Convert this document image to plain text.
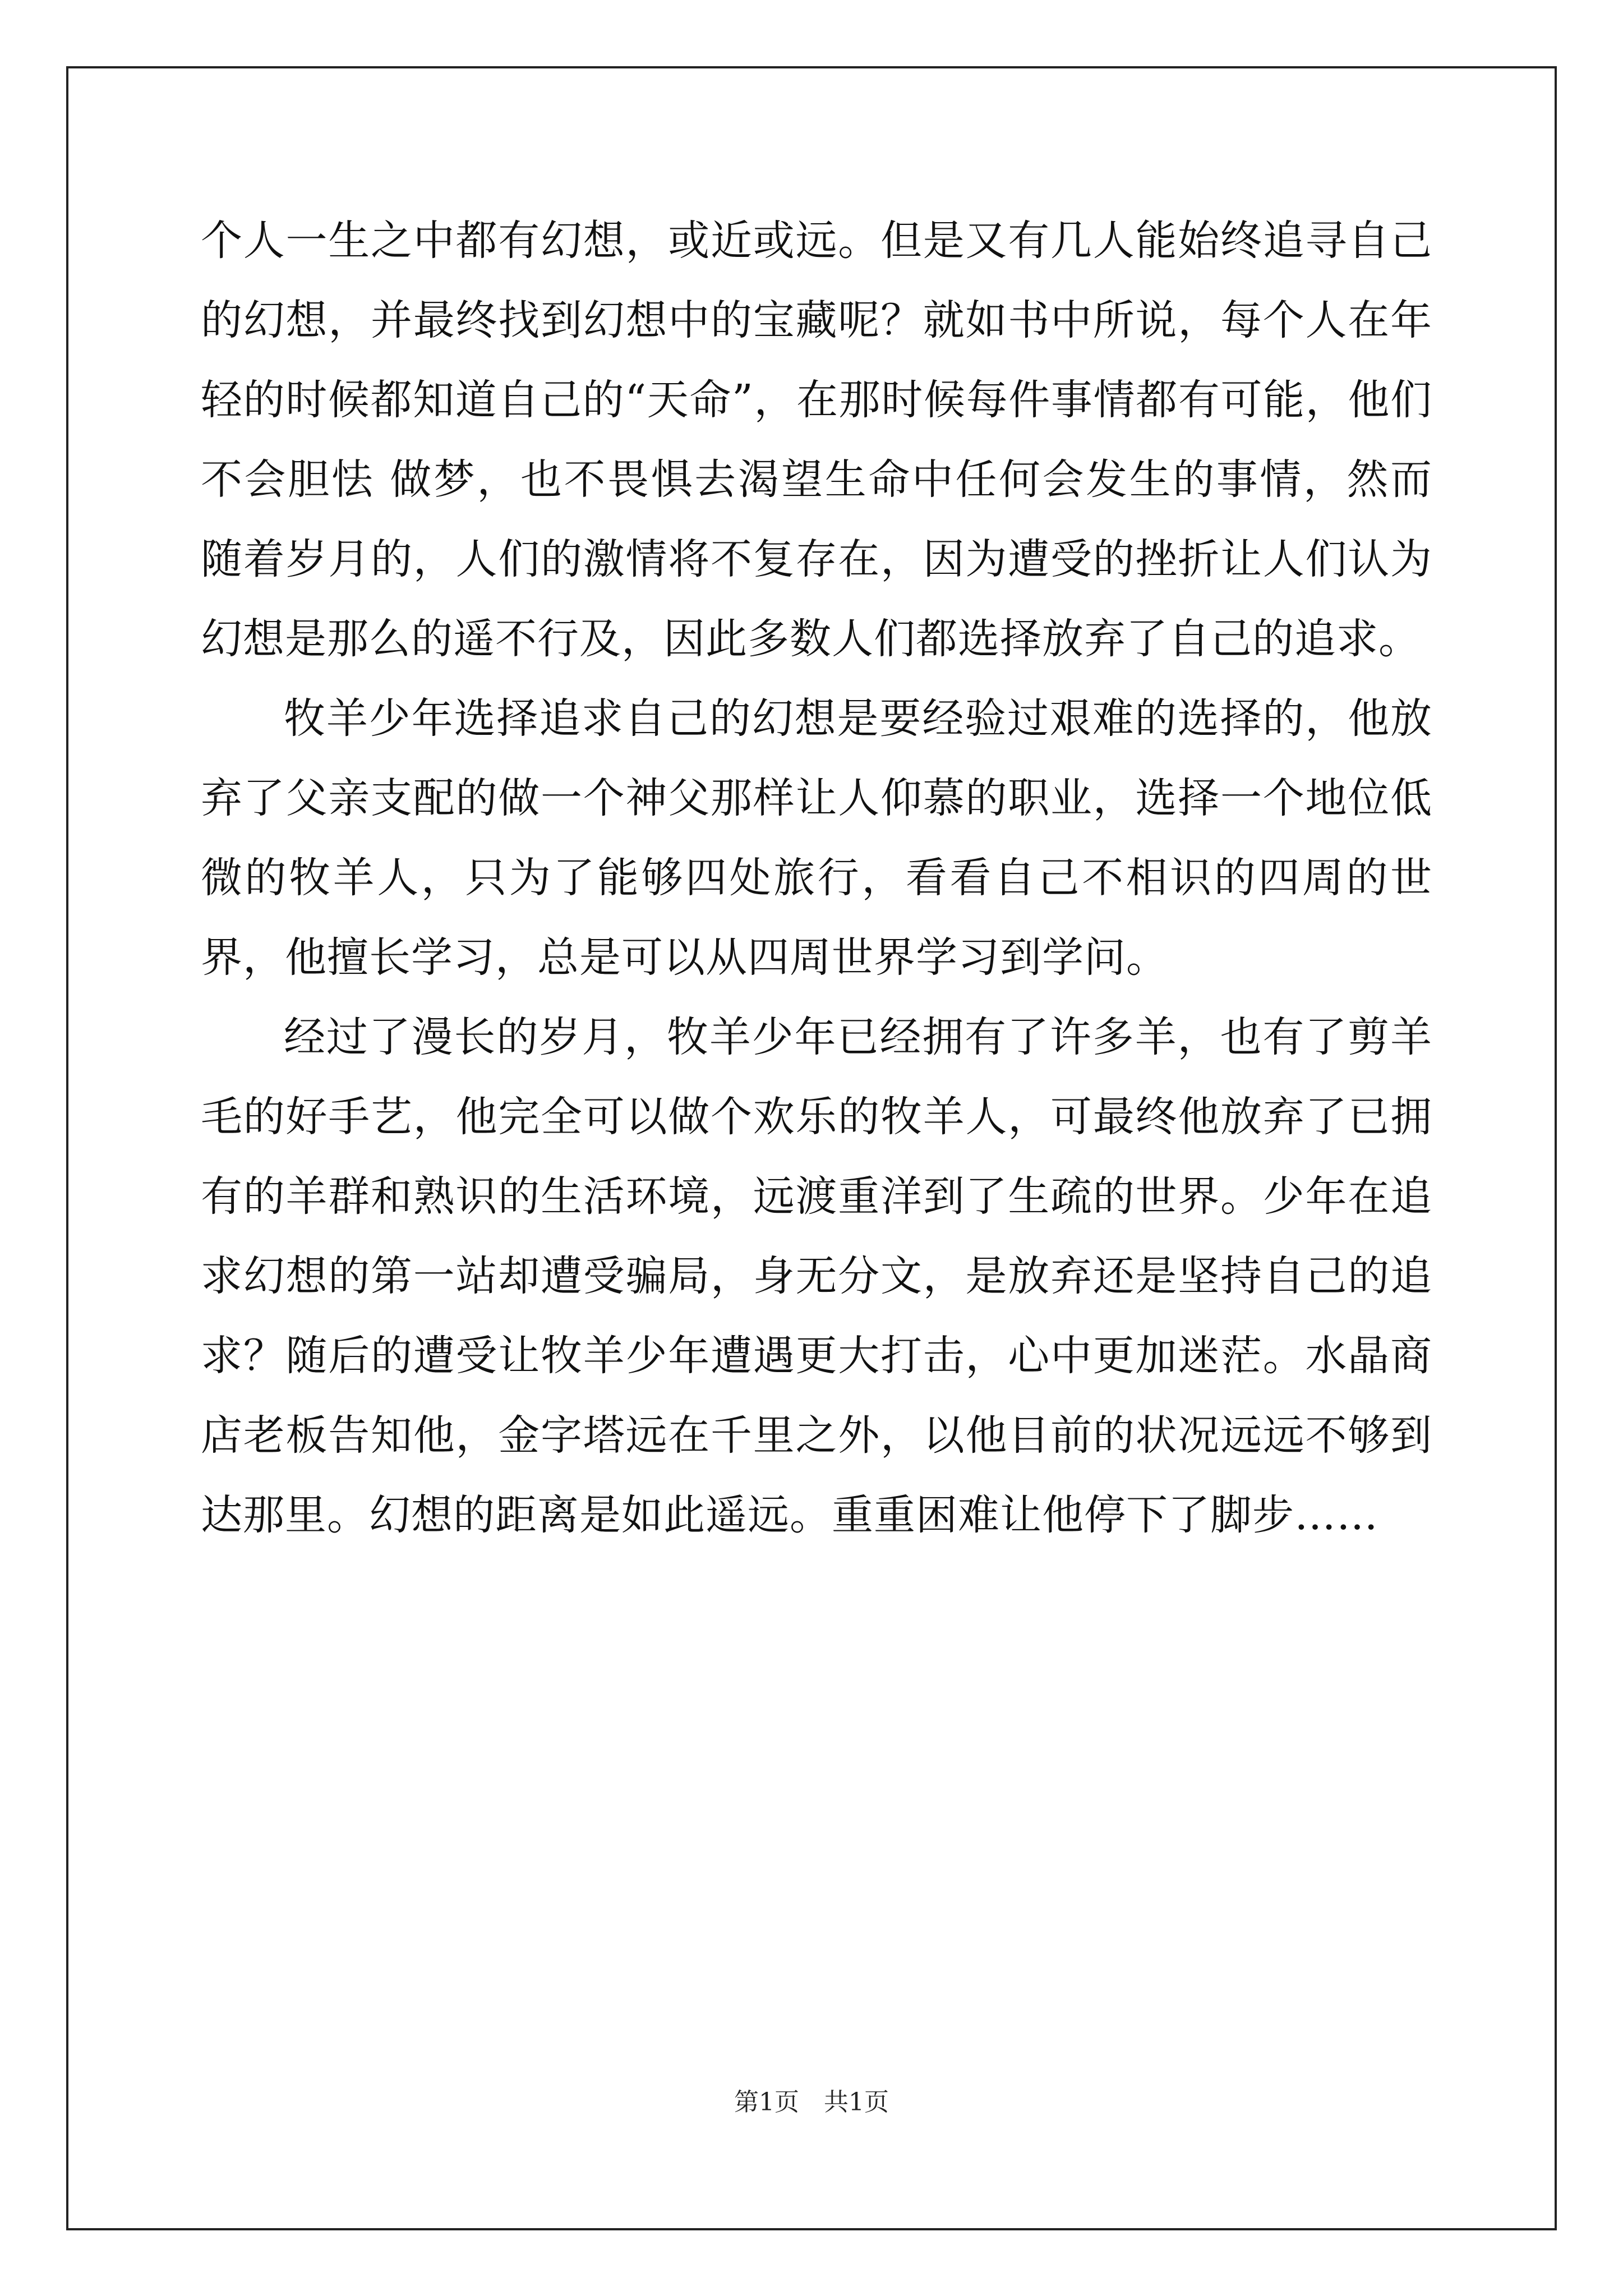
个人一生之中都有幻想，或近或远。但是又有几人能始终追寻自己的幻想，并最终找到幻想中的宝藏呢？就如书中所说，每个人在年轻的时候都知道自己的“天命”，在那时候每件事情都有可能，他们不会胆怯 做梦，也不畏惧去渴望生命中任何会发生的事情，然而随着岁月的，人们的激情将不复存在，因为遭受的挫折让人们认为幻想是那么的遥不行及，因此多数人们都选择放弃了自己的追求。

牧羊少年选择追求自己的幻想是要经验过艰难的选择的，他放弃了父亲支配的做一个神父那样让人仰慕的职业，选择一个地位低微的牧羊人，只为了能够四处旅行，看看自己不相识的四周的世界，他擅长学习，总是可以从四周世界学习到学问。

经过了漫长的岁月，牧羊少年已经拥有了许多羊，也有了剪羊毛的好手艺，他完全可以做个欢乐的牧羊人，可最终他放弃了已拥有的羊群和熟识的生活环境，远渡重洋到了生疏的世界。少年在追求幻想的第一站却遭受骗局，身无分文，是放弃还是坚持自己的追求？随后的遭受让牧羊少年遭遇更大打击，心中更加迷茫。水晶商店老板告知他，金字塔远在千里之外，以他目前的状况远远不够到达那里。幻想的距离是如此遥远。重重困难让他停下了脚步……

第1页 共1页
